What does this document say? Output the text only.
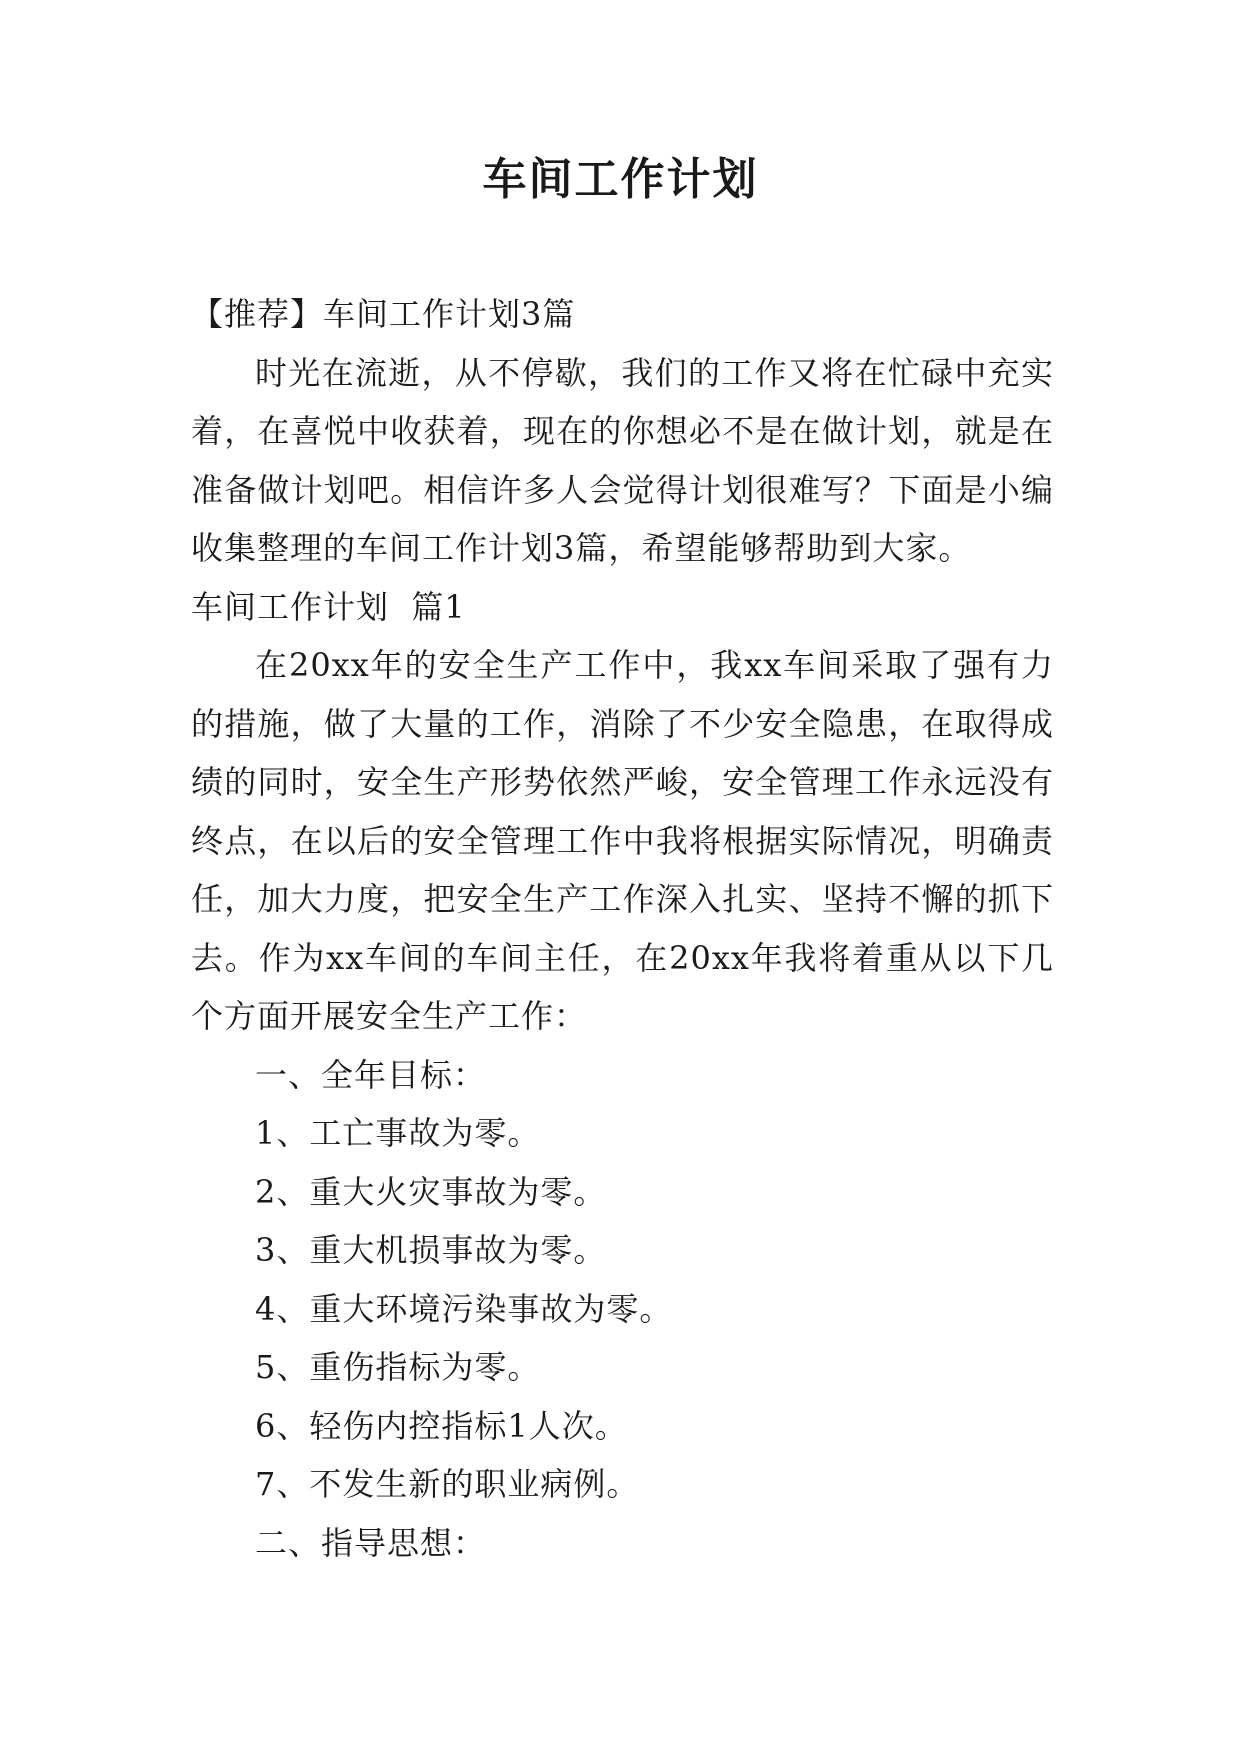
车间工作计划

【推荐】车间工作计划3篇

时光在流逝，从不停歇，我们的工作又将在忙碌中充实着，在喜悦中收获着，现在的你想必不是在做计划，就是在准备做计划吧。相信许多人会觉得计划很难写？下面是小编收集整理的车间工作计划3篇，希望能够帮助到大家。

车间工作计划  篇1

在20xx年的安全生产工作中，我xx车间采取了强有力的措施，做了大量的工作，消除了不少安全隐患，在取得成绩的同时，安全生产形势依然严峻，安全管理工作永远没有终点，在以后的安全管理工作中我将根据实际情况，明确责任，加大力度，把安全生产工作深入扎实、坚持不懈的抓下去。作为xx车间的车间主任，在20xx年我将着重从以下几个方面开展安全生产工作：

一、全年目标：

1、工亡事故为零。

2、重大火灾事故为零。

3、重大机损事故为零。

4、重大环境污染事故为零。

5、重伤指标为零。

6、轻伤内控指标1人次。

7、不发生新的职业病例。

二、指导思想：
